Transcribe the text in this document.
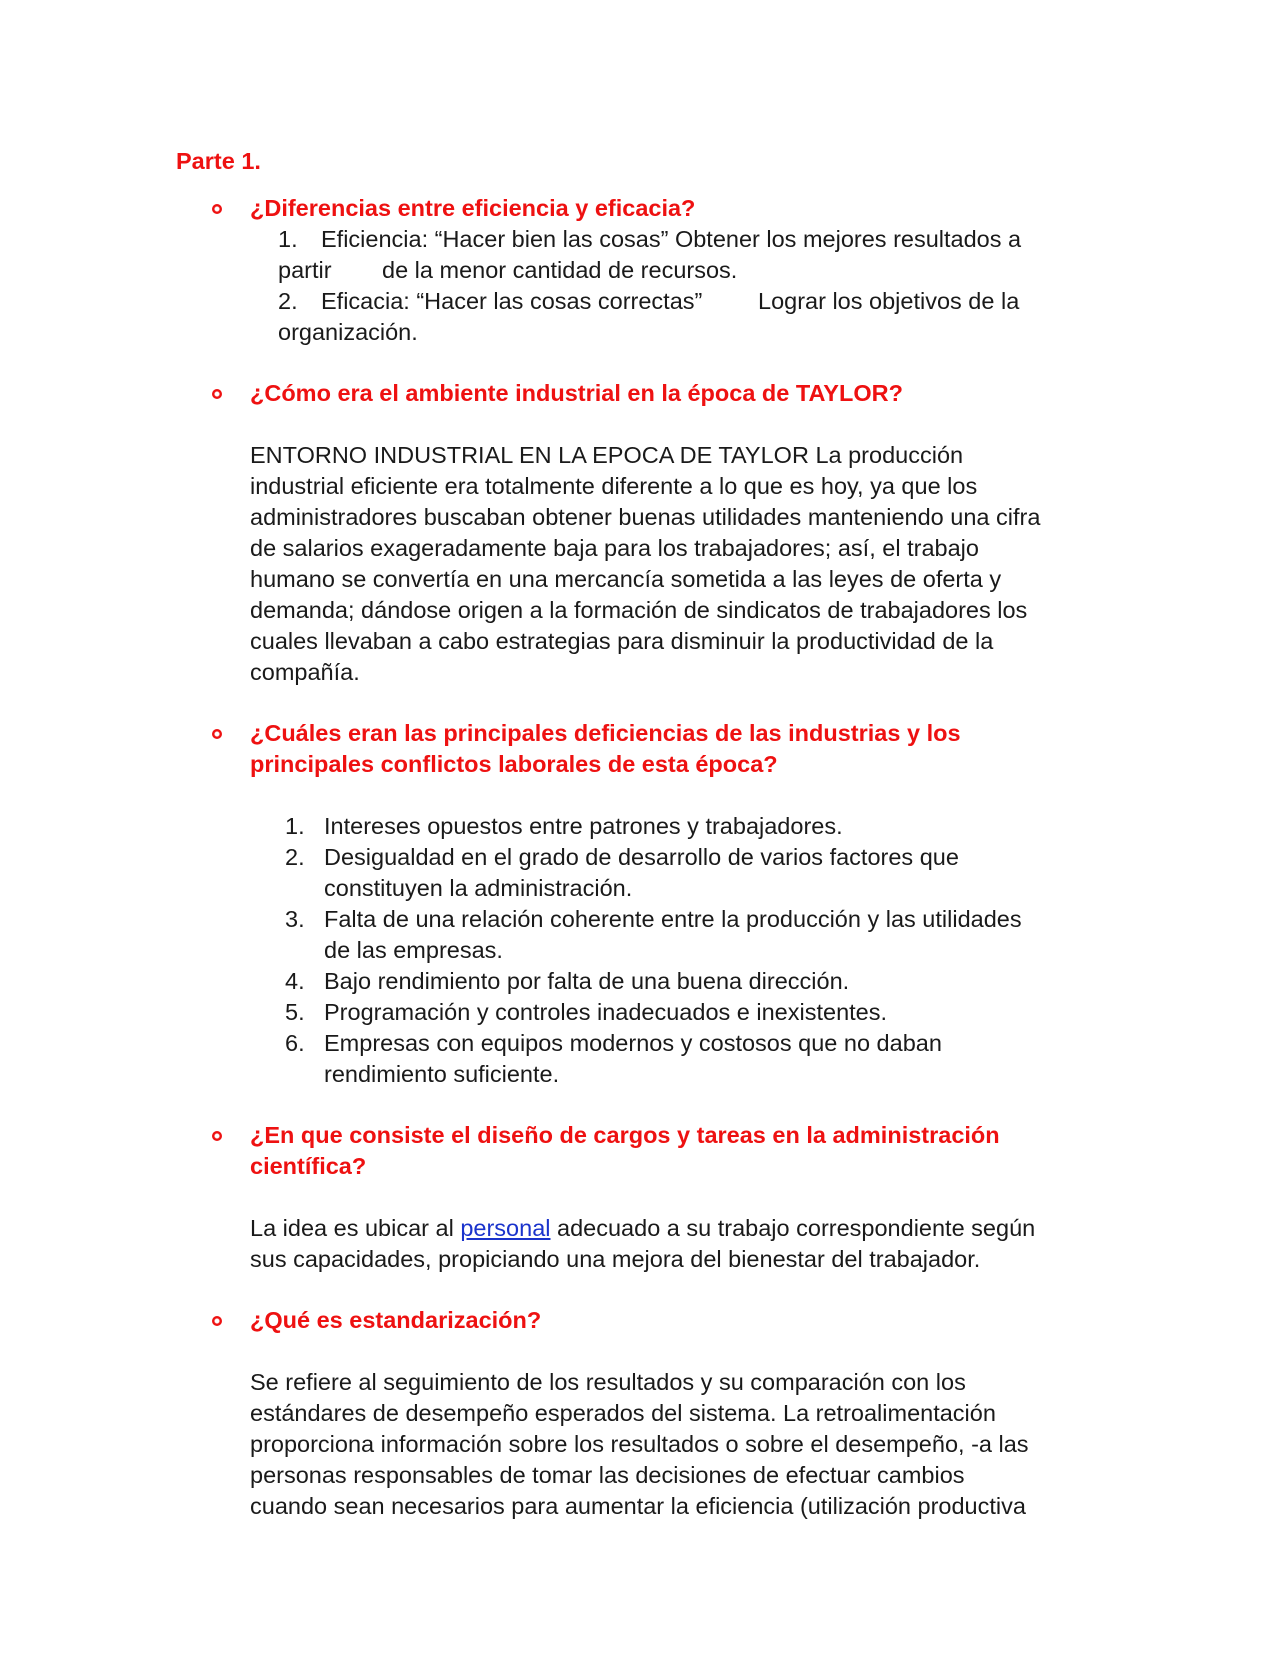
Parte 1.
¿Diferencias entre eficiencia y eficacia?
1. Eficiencia: “Hacer bien las cosas” Obtener los mejores resultados a
partir de la menor cantidad de recursos.
2. Eficacia: “Hacer las cosas correctas” Lograr los objetivos de la
organización.
¿Cómo era el ambiente industrial en la época de TAYLOR?
ENTORNO INDUSTRIAL EN LA EPOCA DE TAYLOR La producción
industrial eficiente era totalmente diferente a lo que es hoy, ya que los
administradores buscaban obtener buenas utilidades manteniendo una cifra
de salarios exageradamente baja para los trabajadores; así, el trabajo
humano se convertía en una mercancía sometida a las leyes de oferta y
demanda; dándose origen a la formación de sindicatos de trabajadores los
cuales llevaban a cabo estrategias para disminuir la productividad de la
compañía.
¿Cuáles eran las principales deficiencias de las industrias y los
principales conflictos laborales de esta época?
1. Intereses opuestos entre patrones y trabajadores.
2. Desigualdad en el grado de desarrollo de varios factores que
constituyen la administración.
3. Falta de una relación coherente entre la producción y las utilidades
de las empresas.
4. Bajo rendimiento por falta de una buena dirección.
5. Programación y controles inadecuados e inexistentes.
6. Empresas con equipos modernos y costosos que no daban
rendimiento suficiente.
¿En que consiste el diseño de cargos y tareas en la administración
científica?
La idea es ubicar al personal adecuado a su trabajo correspondiente según
sus capacidades, propiciando una mejora del bienestar del trabajador.
¿Qué es estandarización?
Se refiere al seguimiento de los resultados y su comparación con los
estándares de desempeño esperados del sistema. La retroalimentación
proporciona información sobre los resultados o sobre el desempeño, -a las
personas responsables de tomar las decisiones de efectuar cambios
cuando sean necesarios para aumentar la eficiencia (utilización productiva
